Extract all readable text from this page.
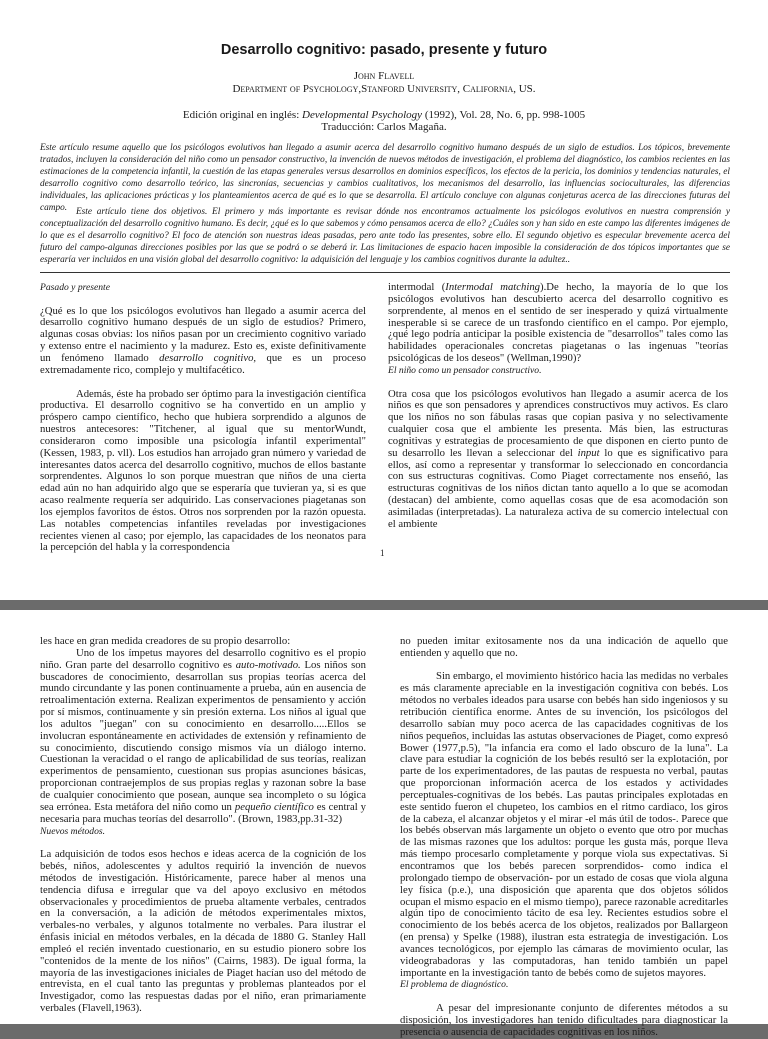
Desarrollo cognitivo: pasado, presente y futuro
John Flavell
Department of Psychology,Stanford University, California, US.
Edición original en inglés: Developmental Psychology (1992), Vol. 28, No. 6, pp. 998-1005
Traducción: Carlos Magaña.

Este artículo resume aquello que los psicólogos evolutivos han llegado a asumir acerca del desarrollo cognitivo humano después de un siglo de estudios. Los tópicos, brevemente tratados, incluyen la consideración del niño como un pensador constructivo, la invención de nuevos métodos de investigación, el problema del diagnóstico, los cambios recientes en las estimaciones de la competencia infantil, la cuestión de las etapas generales versus desarrollos en dominios específicos, los efectos de la pericia, los dominios y tendencias naturales, el desarrollo cognitivo como desarrollo teórico, las sincronías, secuencias y cambios cualitativos, los mecanismos del desarrollo, las influencias socioculturales, las diferencias individuales, las aplicaciones prácticas y los planteamientos acerca de qué es lo que se desarrolla. El artículo concluye con algunas conjeturas acerca de las direcciones futuras del campo. Este artículo tiene dos objetivos. El primero y más importante es revisar dónde nos encontramos actualmente los psicólogos evolutivos en nuestra comprensión y conceptualización del desarrollo cognitivo humano. Es decir, ¿qué es lo que sabemos y cómo pensamos acerca de ello? ¿Cuáles son y han sido en este campo las diferentes imágenes de lo que es el desarrollo cognitivo? El foco de atención son nuestras ideas pasadas, pero ante todo las presentes, sobre ello. El segundo objetivo es especular brevemente acerca del futuro del campo-algunas direcciones posibles por las que se podrá o se deberá ir. Las limitaciones de espacio hacen imposible la consideración de dos tópicos importantes que se esperaría ver incluidos en una visión global del desarrollo cognitivo: la adquisición del lenguaje y los cambios cognitivos durante la adultez..

Pasado y presente

¿Qué es lo que los psicólogos evolutivos han llegado a asumir acerca del desarrollo cognitivo humano después de un siglo de estudios? Primero, algunas cosas obvias: los niños pasan por un crecimiento cognitivo variado y extenso entre el nacimiento y la madurez. Esto es, existe definitivamente un fenómeno llamado desarrollo cognitivo, que es un proceso extremadamente rico, complejo y multifacético.

Además, éste ha probado ser óptimo para la investigación científica productiva. El desarrollo cognitivo se ha convertido en un amplio y próspero campo científico, hecho que hubiera sorprendido a algunos de nuestros antecesores: "Titchener, al igual que su mentorWundt, consideraron como imposible una psicología infantil experimental" (Kessen, 1983, p. vll). Los estudios han arrojado gran número y variedad de interesantes datos acerca del desarrollo cognitivo, muchos de ellos bastante sorprendentes. Algunos lo son porque muestran que niños de una cierta edad aún no han adquirido algo que se esperaría que tuvieran ya, si es que acaso realmente requería ser adquirido. Las conservaciones piagetanas son los ejemplos favoritos de éstos. Otros nos sorprenden por la razón opuesta. Las notables competencias infantiles reveladas por investigaciones recientes vienen al caso; por ejemplo, las capacidades de los neonatos para la percepción del habla y la correspondencia

intermodal (Intermodal matching).De hecho, la mayoría de lo que los psicólogos evolutivos han descubierto acerca del desarrollo cognitivo es sorprendente, al menos en el sentido de ser inesperado y quizá virtualmente inesperable si se carece de un trasfondo científico en el campo. Por ejemplo, ¿qué lego podría anticipar la posible existencia de "desarrollos" tales como las habilidades operacionales concretas piagetanas o las ingenuas "teorías psicológicas de los deseos" (Wellman,1990)?

El niño como un pensador constructivo.

Otra cosa que los psicólogos evolutivos han llegado a asumir acerca de los niños es que son pensadores y aprendices constructivos muy activos. Es claro que los niños no son fábulas rasas que copian pasiva y no selectivamente cualquier cosa que el ambiente les presenta. Más bien, las estructuras cognitivas y estrategias de procesamiento de que disponen en cierto punto de su desarrollo les llevan a seleccionar del input lo que es significativo para ellos, así como a representar y transformar lo seleccionado en concordancia con sus estructuras cognitivas. Como Piaget correctamente nos enseñó, las estructuras cognitivas de los niños dictan tanto aquello a lo que se acomodan (destacan) del ambiente, como aquellas cosas que de esa acomodación son asimiladas (interpretadas). La naturaleza activa de su comercio intelectual con el ambiente

1

les hace en gran medida creadores de su propio desarrollo:

Uno de los ímpetus mayores del desarrollo cognitivo es el propio niño. Gran parte del desarrollo cognitivo es auto-motivado. Los niños son buscadores de conocimiento, desarrollan sus propias teorías acerca del mundo circundante y las ponen continuamente a prueba, aún en ausencia de retroalimentación externa. Realizan experimentos de pensamiento y acción por sí mismos, continuamente y sin presión externa. Los niños al igual que los adultos "juegan" con su conocimiento en desarrollo.....Ellos se involucran espontáneamente en actividades de extensión y refinamiento de su conocimiento, discutiendo consigo mismos vía un diálogo interno. Cuestionan la veracidad o el rango de aplicabilidad de sus teorías, realizan experimentos de pensamiento, cuestionan sus propias asunciones básicas, proporcionan contraejemplos de sus propias reglas y razonan sobre la base de cualquier conocimiento que posean, aunque sea incompleto o su lógica sea errónea. Esta metáfora del niño como un pequeño científico es central y necesaria para muchas teorías del desarrollo". (Brown, 1983,pp.31-32)

Nuevos métodos.

La adquisición de todos esos hechos e ideas acerca de la cognición de los bebés, niños, adolescentes y adultos requirió la invención de nuevos métodos de investigación. Históricamente, parece haber al menos una tendencia difusa e irregular que va del apoyo exclusivo en métodos observacionales y procedimientos de prueba altamente verbales, centrados en la conversación, a la adición de métodos experimentales mixtos, verbales-no verbales, y algunos totalmente no verbales. Para ilustrar el énfasis inicial en métodos verbales, en la década de 1880 G. Stanley Hall empleó el recién inventado cuestionario, en su estudio pionero sobre los "contenidos de la mente de los niños" (Cairns, 1983). De igual forma, la mayoría de las investigaciones iniciales de Piaget hacían uso del método de entrevista, en el cual tanto las preguntas y problemas planteados por el Investigador, como las respuestas dadas por el niño, eran primariamente verbales (Flavell,1963).

no pueden imitar exitosamente nos da una indicación de aquello que entienden y aquello que no.

Sin embargo, el movimiento histórico hacia las medidas no verbales es más claramente apreciable en la investigación cognitiva con bebés. Los métodos no verbales ideados para usarse con bebés han sido ingeniosos y su retribución científica enorme. Antes de su invención, los psicólogos del desarrollo sabían muy poco acerca de las capacidades cognitivas de los niños pequeños, incluidas las astutas observaciones de Piaget, como expresó Bower (1977,p.5), "la infancia era como el lado obscuro de la luna". La clave para estudiar la cognición de los bebés resultó ser la explotación, por parte de los experimentadores, de las pautas de respuesta no verbal, pautas que proporcionan información acerca de los estados y actividades perceptuales-cognitivas de los bebés. Las pautas principales explotadas en este sentido fueron el chupeteo, los cambios en el ritmo cardiaco, los giros de la cabeza, el alcanzar objetos y el mirar -el más útil de todos-. Parece que los bebés observan más largamente un objeto o evento que otro por muchas de las mismas razones que los adultos: porque les gusta más, porque lleva más tiempo procesarlo completamente y porque viola sus expectativas. Si encontramos que los bebés parecen sorprendidos- como indica el prolongado tiempo de observación- por un estado de cosas que viola alguna ley física (p.e.), una disposición que aparenta que dos objetos sólidos ocupan el mismo espacio en el mismo tiempo), parece razonable acreditarles algún tipo de conocimiento tácito de esa ley. Recientes estudios sobre el conocimiento de los bebés acerca de los objetos, realizados por Ballargeon (en prensa) y Spelke (1988), ilustran esta estrategia de investigación. Los avances tecnológicos, por ejemplo las cámaras de movimiento ocular, las videograbadoras y las computadoras, han tenido también un papel importante en la investigación tanto de bebés como de sujetos mayores.

El problema de diagnóstico.

A pesar del impresionante conjunto de diferentes métodos a su disposición, los investigadores han tenido dificultades para diagnosticar la presencia o ausencia de capacidades cognitivas en los niños.
